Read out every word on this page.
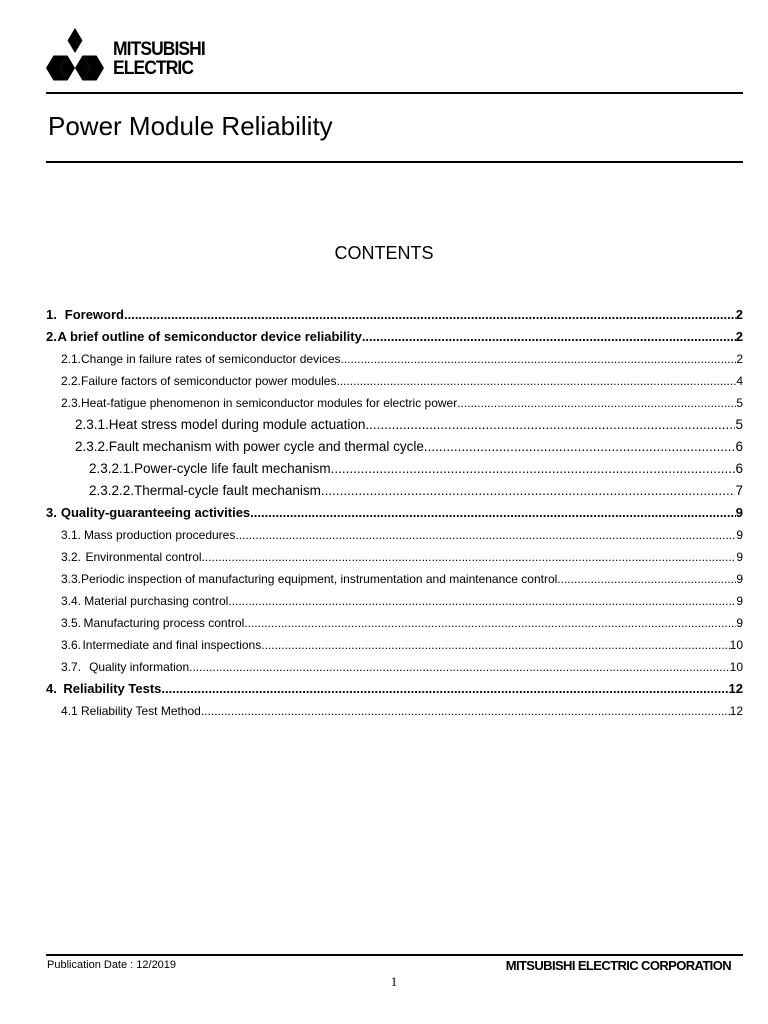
MITSUBISHI
ELECTRIC
Power Module Reliability
CONTENTS
1. Foreword .....	2
2. A brief outline of semiconductor device reliability .....	2
2.1. Change in failure rates of semiconductor devices .....	2
2.2. Failure factors of semiconductor power modules .....	4
2.3. Heat-fatigue phenomenon in semiconductor modules for electric power .....	5
2.3.1. Heat stress model during module actuation .....	5
2.3.2. Fault mechanism with power cycle and thermal cycle .....	6
2.3.2.1. Power-cycle life fault mechanism .....	6
2.3.2.2. Thermal-cycle fault mechanism .....	7
3. Quality-guaranteeing activities .....	9
3.1. Mass production procedures .....	9
3.2. Environmental control .....	9
3.3. Periodic inspection of manufacturing equipment, instrumentation and maintenance control .....	9
3.4. Material purchasing control .....	9
3.5. Manufacturing process control .....	9
3.6. Intermediate and final inspections .....	10
3.7. Quality information .....	10
4. Reliability Tests .....	12
4.1 Reliability Test Method .....	12
Publication Date : 12/2019	MITSUBISHI ELECTRIC CORPORATION
1
